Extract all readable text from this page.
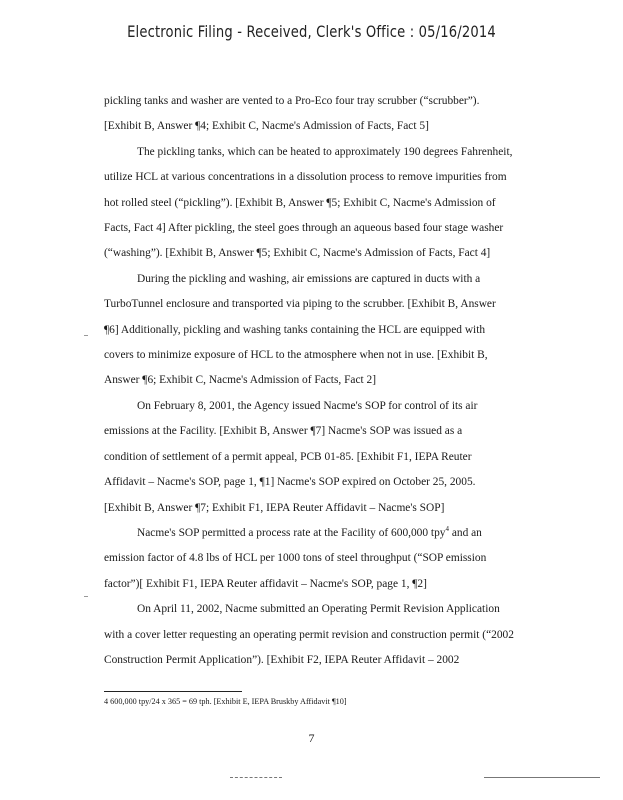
Electronic Filing - Received, Clerk's Office : 05/16/2014

pickling tanks and washer are vented to a Pro-Eco four tray scrubber (“scrubber”).

[Exhibit B, Answer ¶4; Exhibit C, Nacme's Admission of Facts, Fact 5]

The pickling tanks, which can be heated to approximately 190 degrees Fahrenheit,

utilize HCL at various concentrations in a dissolution process to remove impurities from

hot rolled steel (“pickling”). [Exhibit B, Answer ¶5; Exhibit C, Nacme's Admission of

Facts, Fact 4] After pickling, the steel goes through an aqueous based four stage washer

(“washing”). [Exhibit B, Answer ¶5; Exhibit C, Nacme's Admission of Facts, Fact 4]

During the pickling and washing, air emissions are captured in ducts with a

TurboTunnel enclosure and transported via piping to the scrubber. [Exhibit B, Answer

¶6] Additionally, pickling and washing tanks containing the HCL are equipped with

covers to minimize exposure of HCL to the atmosphere when not in use. [Exhibit B,

Answer ¶6; Exhibit C, Nacme's Admission of Facts, Fact 2]

On February 8, 2001, the Agency issued Nacme's SOP for control of its air

emissions at the Facility. [Exhibit B, Answer ¶7] Nacme's SOP was issued as a

condition of settlement of a permit appeal, PCB 01-85. [Exhibit F1, IEPA Reuter

Affidavit – Nacme's SOP, page 1, ¶1] Nacme's SOP expired on October 25, 2005.

[Exhibit B, Answer ¶7; Exhibit F1, IEPA Reuter Affidavit – Nacme's SOP]

Nacme's SOP permitted a process rate at the Facility of 600,000 tpy$^4$ and an

emission factor of 4.8 lbs of HCL per 1000 tons of steel throughput (“SOP emission

factor”)[ Exhibit F1, IEPA Reuter affidavit – Nacme's SOP, page 1, ¶2]

On April 11, 2002, Nacme submitted an Operating Permit Revision Application

with a cover letter requesting an operating permit revision and construction permit (“2002

Construction Permit Application”). [Exhibit F2, IEPA Reuter Affidavit – 2002

4 600,000 tpy/24 x 365 = 69 tph. [Exhibit E, IEPA Bruskby Affidavit ¶10]
7
